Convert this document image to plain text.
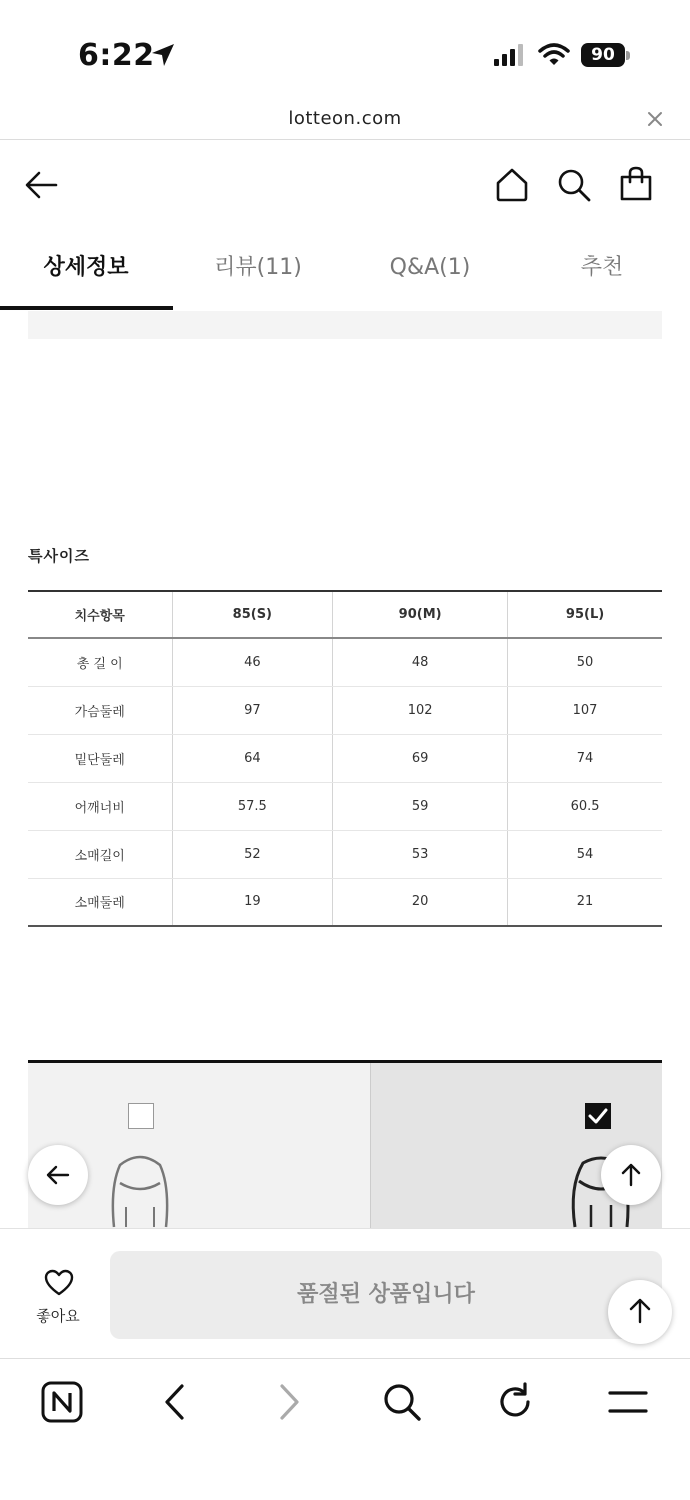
6:22	90
lotteon.com
상세정보	리뷰(11)	Q&A(1)	추천
특사이즈
치수항목	85(S)	90(M)	95(L)
총 길 이	46	48	50
가슴둘레	97	102	107
밑단둘레	64	69	74
어깨너비	57.5	59	60.5
소매길이	52	53	54
소매둘레	19	20	21
좋아요
품절된 상품입니다
